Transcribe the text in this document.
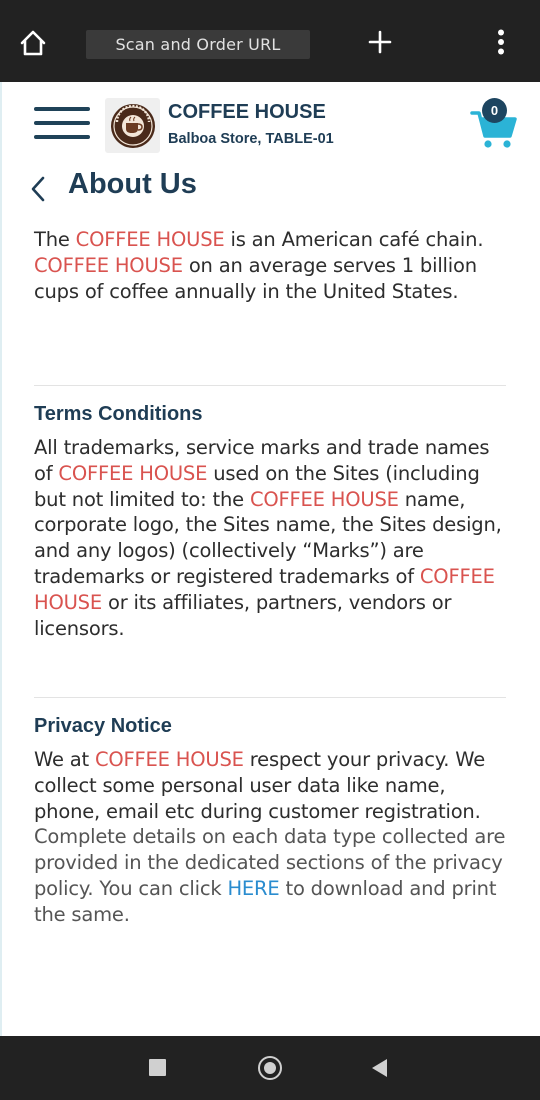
Scan and Order URL
COFFEE HOUSE
Balboa Store, TABLE-01
0
About Us

The COFFEE HOUSE is an American café chain. COFFEE HOUSE on an average serves 1 billion cups of coffee annually in the United States.

Terms Conditions

All trademarks, service marks and trade names of COFFEE HOUSE used on the Sites (including but not limited to: the COFFEE HOUSE name, corporate logo, the Sites name, the Sites design, and any logos) (collectively “Marks”) are trademarks or registered trademarks of COFFEE HOUSE or its affiliates, partners, vendors or licensors.

Privacy Notice

We at COFFEE HOUSE respect your privacy. We collect some personal user data like name, phone, email etc during customer registration. Complete details on each data type collected are provided in the dedicated sections of the privacy policy. You can click HERE to download and print the same.
